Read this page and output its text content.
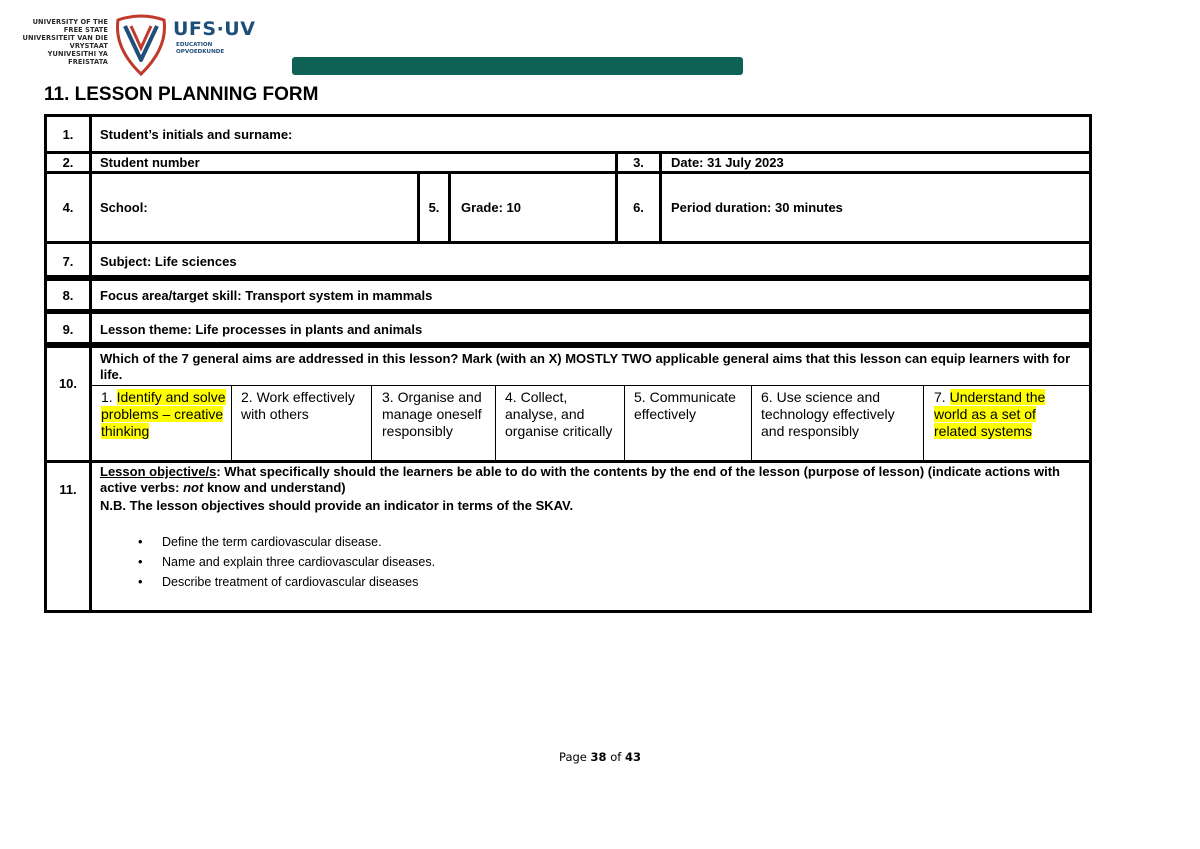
UNIVERSITY OF THE
FREE STATE
UNIVERSITEIT VAN DIE
VRYSTAAT
YUNIVESITHI YA
FREISTATA
UFS·UV
EDUCATION
OPVOEDKUNDE
11. LESSON PLANNING FORM
1.	Student’s initials and surname:
2.	Student number	3.	Date: 31 July 2023
4.	School:	5.	Grade: 10	6.	Period duration: 30 minutes
7.	Subject: Life sciences
8.	Focus area/target skill: Transport system in mammals
9.	Lesson theme: Life processes in plants and animals
10.
Which of the 7 general aims are addressed in this lesson? Mark (with an X) MOSTLY TWO applicable general aims that this lesson can equip learners with for life.
1. Identify and solve problems – creative thinking
2. Work effectively with others
3. Organise and manage oneself responsibly
4. Collect, analyse, and organise critically
5. Communicate effectively
6. Use science and technology effectively and responsibly
7. Understand the world as a set of related systems
11.
Lesson objective/s: What specifically should the learners be able to do with the contents by the end of the lesson (purpose of lesson) (indicate actions with active verbs: not know and understand)
N.B. The lesson objectives should provide an indicator in terms of the SKAV.
• Define the term cardiovascular disease.
• Name and explain three cardiovascular diseases.
• Describe treatment of cardiovascular diseases
Page 38 of 43
